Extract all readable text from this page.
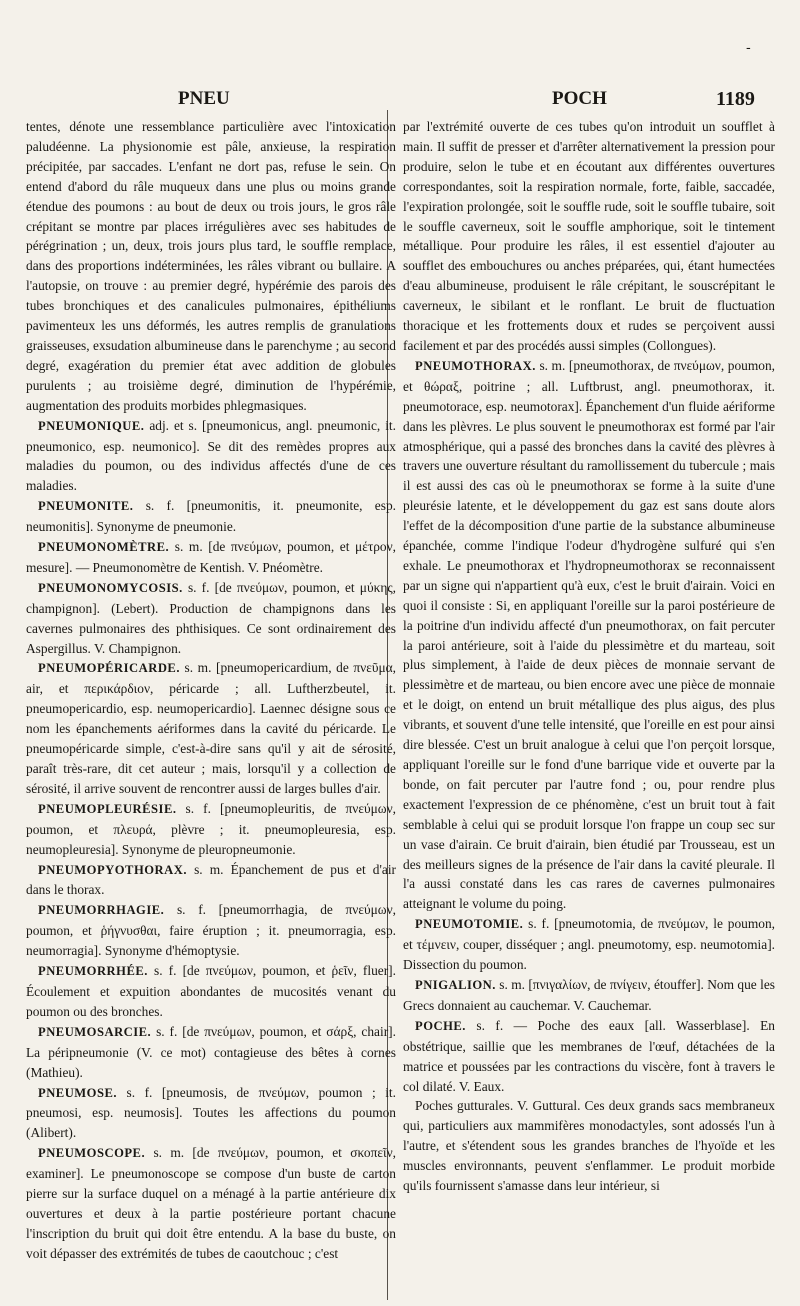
-
PNEU	POCH	1189

tentes, dénote une ressemblance particulière avec l'intoxication paludéenne. La physionomie est pâle, anxieuse, la respiration précipitée, par saccades. L'enfant ne dort pas, refuse le sein. On entend d'abord du râle muqueux dans une plus ou moins grande étendue des poumons : au bout de deux ou trois jours, le gros râle crépitant se montre par places irrégulières avec ses habitudes de pérégrination ; un, deux, trois jours plus tard, le souffle remplace, dans des proportions indéterminées, les râles vibrant ou bullaire. A l'autopsie, on trouve : au premier degré, hypérémie des parois des tubes bronchiques et des canalicules pulmonaires, épithéliums pavimenteux les uns déformés, les autres remplis de granulations graisseuses, exsudation albumineuse dans le parenchyme ; au second degré, exagération du premier état avec addition de globules purulents ; au troisième degré, diminution de l'hypérémie, augmentation des produits morbides phlegmasiques.

PNEUMONIQUE. adj. et s. [pneumonicus, angl. pneumonic, it. pneumonico, esp. neumonico]. Se dit des remèdes propres aux maladies du poumon, ou des individus affectés d'une de ces maladies.

PNEUMONITE. s. f. [pneumonitis, it. pneumonite, esp. neumonitis]. Synonyme de pneumonie.

PNEUMONOMÈTRE. s. m. [de πνεύμων, poumon, et μέτρον, mesure]. — Pneumonomètre de Kentish. V. Pnéomètre.

PNEUMONOMYCOSIS. s. f. [de πνεύμων, poumon, et μύκης, champignon]. (Lebert). Production de champignons dans les cavernes pulmonaires des phthisiques. Ce sont ordinairement des Aspergillus. V. Champignon.

PNEUMOPÉRICARDE. s. m. [pneumopericardium, de πνεῦμα, air, et περικάρδιον, péricarde ; all. Luftherzbeutel, it. pneumopericardio, esp. neumopericardio]. Laennec désigne sous ce nom les épanchements aériformes dans la cavité du péricarde. Le pneumopéricarde simple, c'est-à-dire sans qu'il y ait de sérosité, paraît très-rare, dit cet auteur ; mais, lorsqu'il y a collection de sérosité, il arrive souvent de rencontrer aussi de larges bulles d'air.

PNEUMOPLEURÉSIE. s. f. [pneumopleuritis, de πνεύμων, poumon, et πλευρά, plèvre ; it. pneumopleuresia, esp. neumopleuresia]. Synonyme de pleuropneumonie.

PNEUMOPYOTHORAX. s. m. Épanchement de pus et d'air dans le thorax.

PNEUMORRHAGIE. s. f. [pneumorrhagia, de πνεύμων, poumon, et ῥήγνυσθαι, faire éruption ; it. pneumorragia, esp. neumorragia]. Synonyme d'hémoptysie.

PNEUMORRHÉE. s. f. [de πνεύμων, poumon, et ῥεῖν, fluer]. Écoulement et expuition abondantes de mucosités venant du poumon ou des bronches.

PNEUMOSARCIE. s. f. [de πνεύμων, poumon, et σάρξ, chair]. La péripneumonie (V. ce mot) contagieuse des bêtes à cornes (Mathieu).

PNEUMOSE. s. f. [pneumosis, de πνεύμων, poumon ; it. pneumosi, esp. neumosis]. Toutes les affections du poumon (Alibert).

PNEUMOSCOPE. s. m. [de πνεύμων, poumon, et σκοπεῖν, examiner]. Le pneumonoscope se compose d'un buste de carton pierre sur la surface duquel on a ménagé à la partie antérieure dix ouvertures et deux à la partie postérieure portant chacune l'inscription du bruit qui doit être entendu. A la base du buste, on voit dépasser des extrémités de tubes de caoutchouc ; c'est

par l'extrémité ouverte de ces tubes qu'on introduit un soufflet à main. Il suffit de presser et d'arrêter alternativement la pression pour produire, selon le tube et en écoutant aux différentes ouvertures correspondantes, soit la respiration normale, forte, faible, saccadée, l'expiration prolongée, soit le souffle rude, soit le souffle tubaire, soit le souffle caverneux, soit le souffle amphorique, soit le tintement métallique. Pour produire les râles, il est essentiel d'ajouter au soufflet des embouchures ou anches préparées, qui, étant humectées d'eau albumineuse, produisent le râle crépitant, le souscrépitant le caverneux, le sibilant et le ronflant. Le bruit de fluctuation thoracique et les frottements doux et rudes se perçoivent aussi facilement et par des procédés aussi simples (Collongues).

PNEUMOTHORAX. s. m. [pneumothorax, de πνεύμων, poumon, et θώραξ, poitrine ; all. Luftbrust, angl. pneumothorax, it. pneumotorace, esp. neumotorax]. Épanchement d'un fluide aériforme dans les plèvres. Le plus souvent le pneumothorax est formé par l'air atmosphérique, qui a passé des bronches dans la cavité des plèvres à travers une ouverture résultant du ramollissement du tubercule ; mais il est aussi des cas où le pneumothorax se forme à la suite d'une pleurésie latente, et le développement du gaz est sans doute alors l'effet de la décomposition d'une partie de la substance albumineuse épanchée, comme l'indique l'odeur d'hydrogène sulfuré qui s'en exhale. Le pneumothorax et l'hydropneumothorax se reconnaissent par un signe qui n'appartient qu'à eux, c'est le bruit d'airain. Voici en quoi il consiste : Si, en appliquant l'oreille sur la paroi postérieure de la poitrine d'un individu affecté d'un pneumothorax, on fait percuter la paroi antérieure, soit à l'aide du plessimètre et du marteau, soit plus simplement, à l'aide de deux pièces de monnaie servant de plessimètre et de marteau, ou bien encore avec une pièce de monnaie et le doigt, on entend un bruit métallique des plus aigus, des plus vibrants, et souvent d'une telle intensité, que l'oreille en est pour ainsi dire blessée. C'est un bruit analogue à celui que l'on perçoit lorsque, appliquant l'oreille sur le fond d'une barrique vide et ouverte par la bonde, on fait percuter par l'autre fond ; ou, pour rendre plus exactement l'expression de ce phénomène, c'est un bruit tout à fait semblable à celui qui se produit lorsque l'on frappe un coup sec sur un vase d'airain. Ce bruit d'airain, bien étudié par Trousseau, est un des meilleurs signes de la présence de l'air dans la cavité pleurale. Il l'a aussi constaté dans les cas rares de cavernes pulmonaires atteignant le volume du poing.

PNEUMOTOMIE. s. f. [pneumotomia, de πνεύμων, le poumon, et τέμνειν, couper, disséquer ; angl. pneumotomy, esp. neumotomia]. Dissection du poumon.

PNIGALION. s. m. [πνιγαλίων, de πνίγειν, étouffer]. Nom que les Grecs donnaient au cauchemar. V. Cauchemar.

POCHE. s. f. — Poche des eaux [all. Wasserblase]. En obstétrique, saillie que les membranes de l'œuf, détachées de la matrice et poussées par les contractions du viscère, font à travers le col dilaté. V. Eaux.

Poches gutturales. V. Guttural. Ces deux grands sacs membraneux qui, particuliers aux mammifères monodactyles, sont adossés l'un à l'autre, et s'étendent sous les grandes branches de l'hyoïde et les muscles environnants, peuvent s'enflammer. Le produit morbide qu'ils fournissent s'amasse dans leur intérieur, si
